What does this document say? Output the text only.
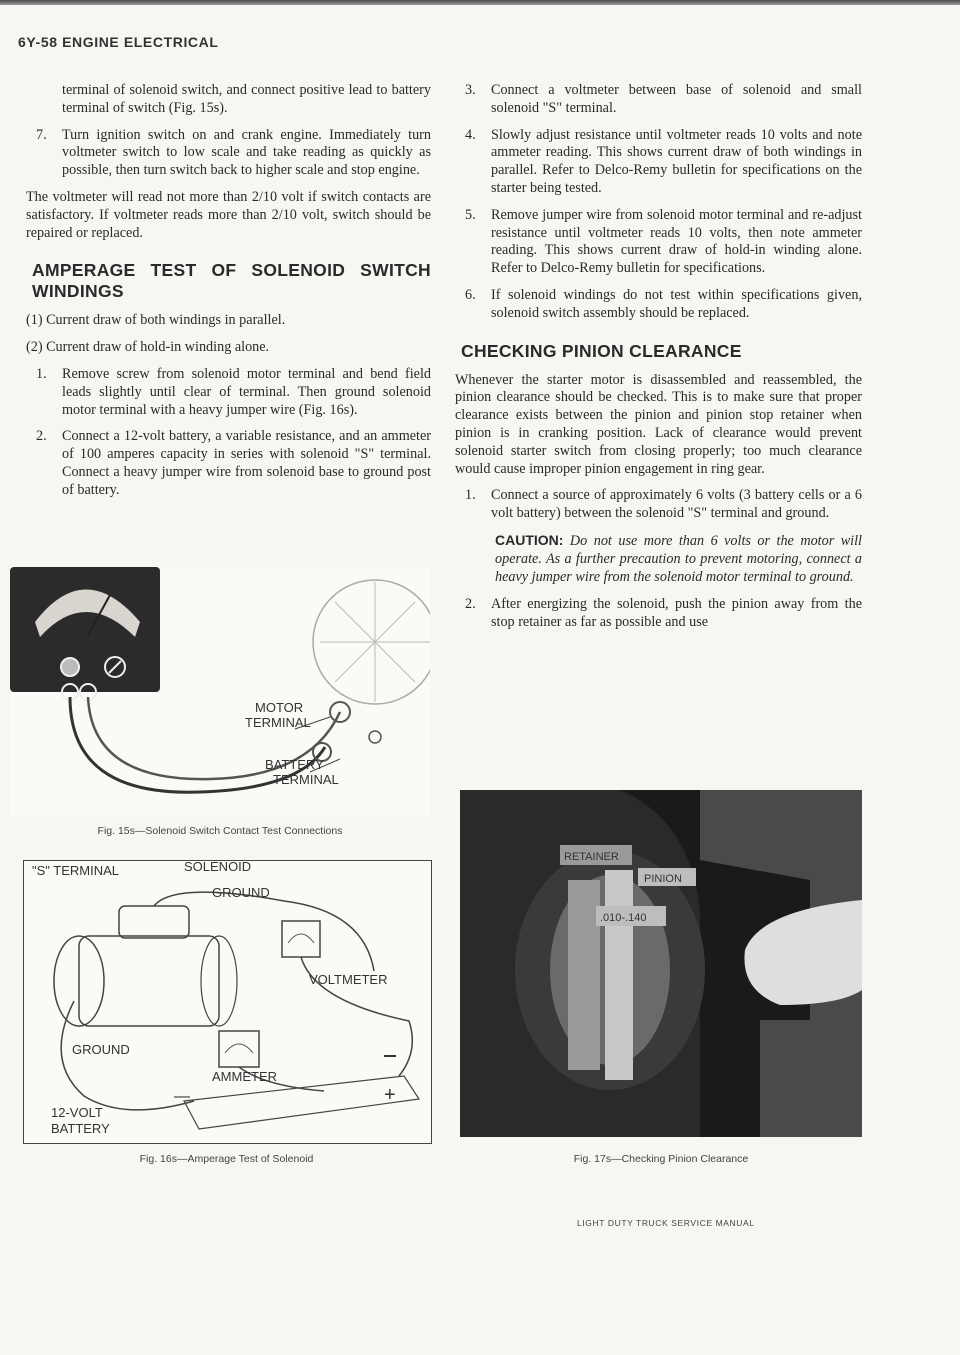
6Y-58 ENGINE ELECTRICAL

terminal of solenoid switch, and connect positive lead to battery terminal of switch (Fig. 15s).

7. Turn ignition switch on and crank engine. Immediately turn voltmeter switch to low scale and take reading as quickly as possible, then turn switch back to higher scale and stop engine.

The voltmeter will read not more than 2/10 volt if switch contacts are satisfactory. If voltmeter reads more than 2/10 volt, switch should be repaired or replaced.

AMPERAGE TEST OF SOLENOID SWITCH WINDINGS

(1) Current draw of both windings in parallel.

(2) Current draw of hold-in winding alone.

1. Remove screw from solenoid motor terminal and bend field leads slightly until clear of terminal. Then ground solenoid motor terminal with a heavy jumper wire (Fig. 16s).
2. Connect a 12-volt battery, a variable resistance, and an ammeter of 100 amperes capacity in series with solenoid "S" terminal. Connect a heavy jumper wire from solenoid base to ground post of battery.
3. Connect a voltmeter between base of solenoid and small solenoid "S" terminal.
4. Slowly adjust resistance until voltmeter reads 10 volts and note ammeter reading. This shows current draw of both windings in parallel. Refer to Delco-Remy bulletin for specifications on the starter being tested.
5. Remove jumper wire from solenoid motor terminal and re-adjust resistance until voltmeter reads 10 volts, then note ammeter reading. This shows current draw of hold-in winding alone. Refer to Delco-Remy bulletin for specifications.
6. If solenoid windings do not test within specifications given, solenoid switch assembly should be replaced.
CHECKING PINION CLEARANCE

Whenever the starter motor is disassembled and reassembled, the pinion clearance should be checked. This is to make sure that proper clearance exists between the pinion and pinion stop retainer when pinion is in cranking position. Lack of clearance would prevent solenoid starter switch from closing properly; too much clearance would cause improper pinion engagement in ring gear.

1. Connect a source of approximately 6 volts (3 battery cells or a 6 volt battery) between the solenoid "S" terminal and ground.
CAUTION: Do not use more than 6 volts or the motor will operate. As a further precaution to prevent motoring, connect a heavy jumper wire from the solenoid motor terminal to ground.
2. After energizing the solenoid, push the pinion away from the stop retainer as far as possible and use
MOTOR
TERMINAL
BATTERY
TERMINAL
Fig. 15s—Solenoid Switch Contact Test Connections
"S" TERMINAL	SOLENOID
GROUND
VOLTMETER
GROUND
AMMETER
12-VOLT
BATTERY
+
—
Fig. 16s—Amperage Test of Solenoid
RETAINER
PINION
.010-.140
Fig. 17s—Checking Pinion Clearance
LIGHT DUTY TRUCK SERVICE MANUAL
